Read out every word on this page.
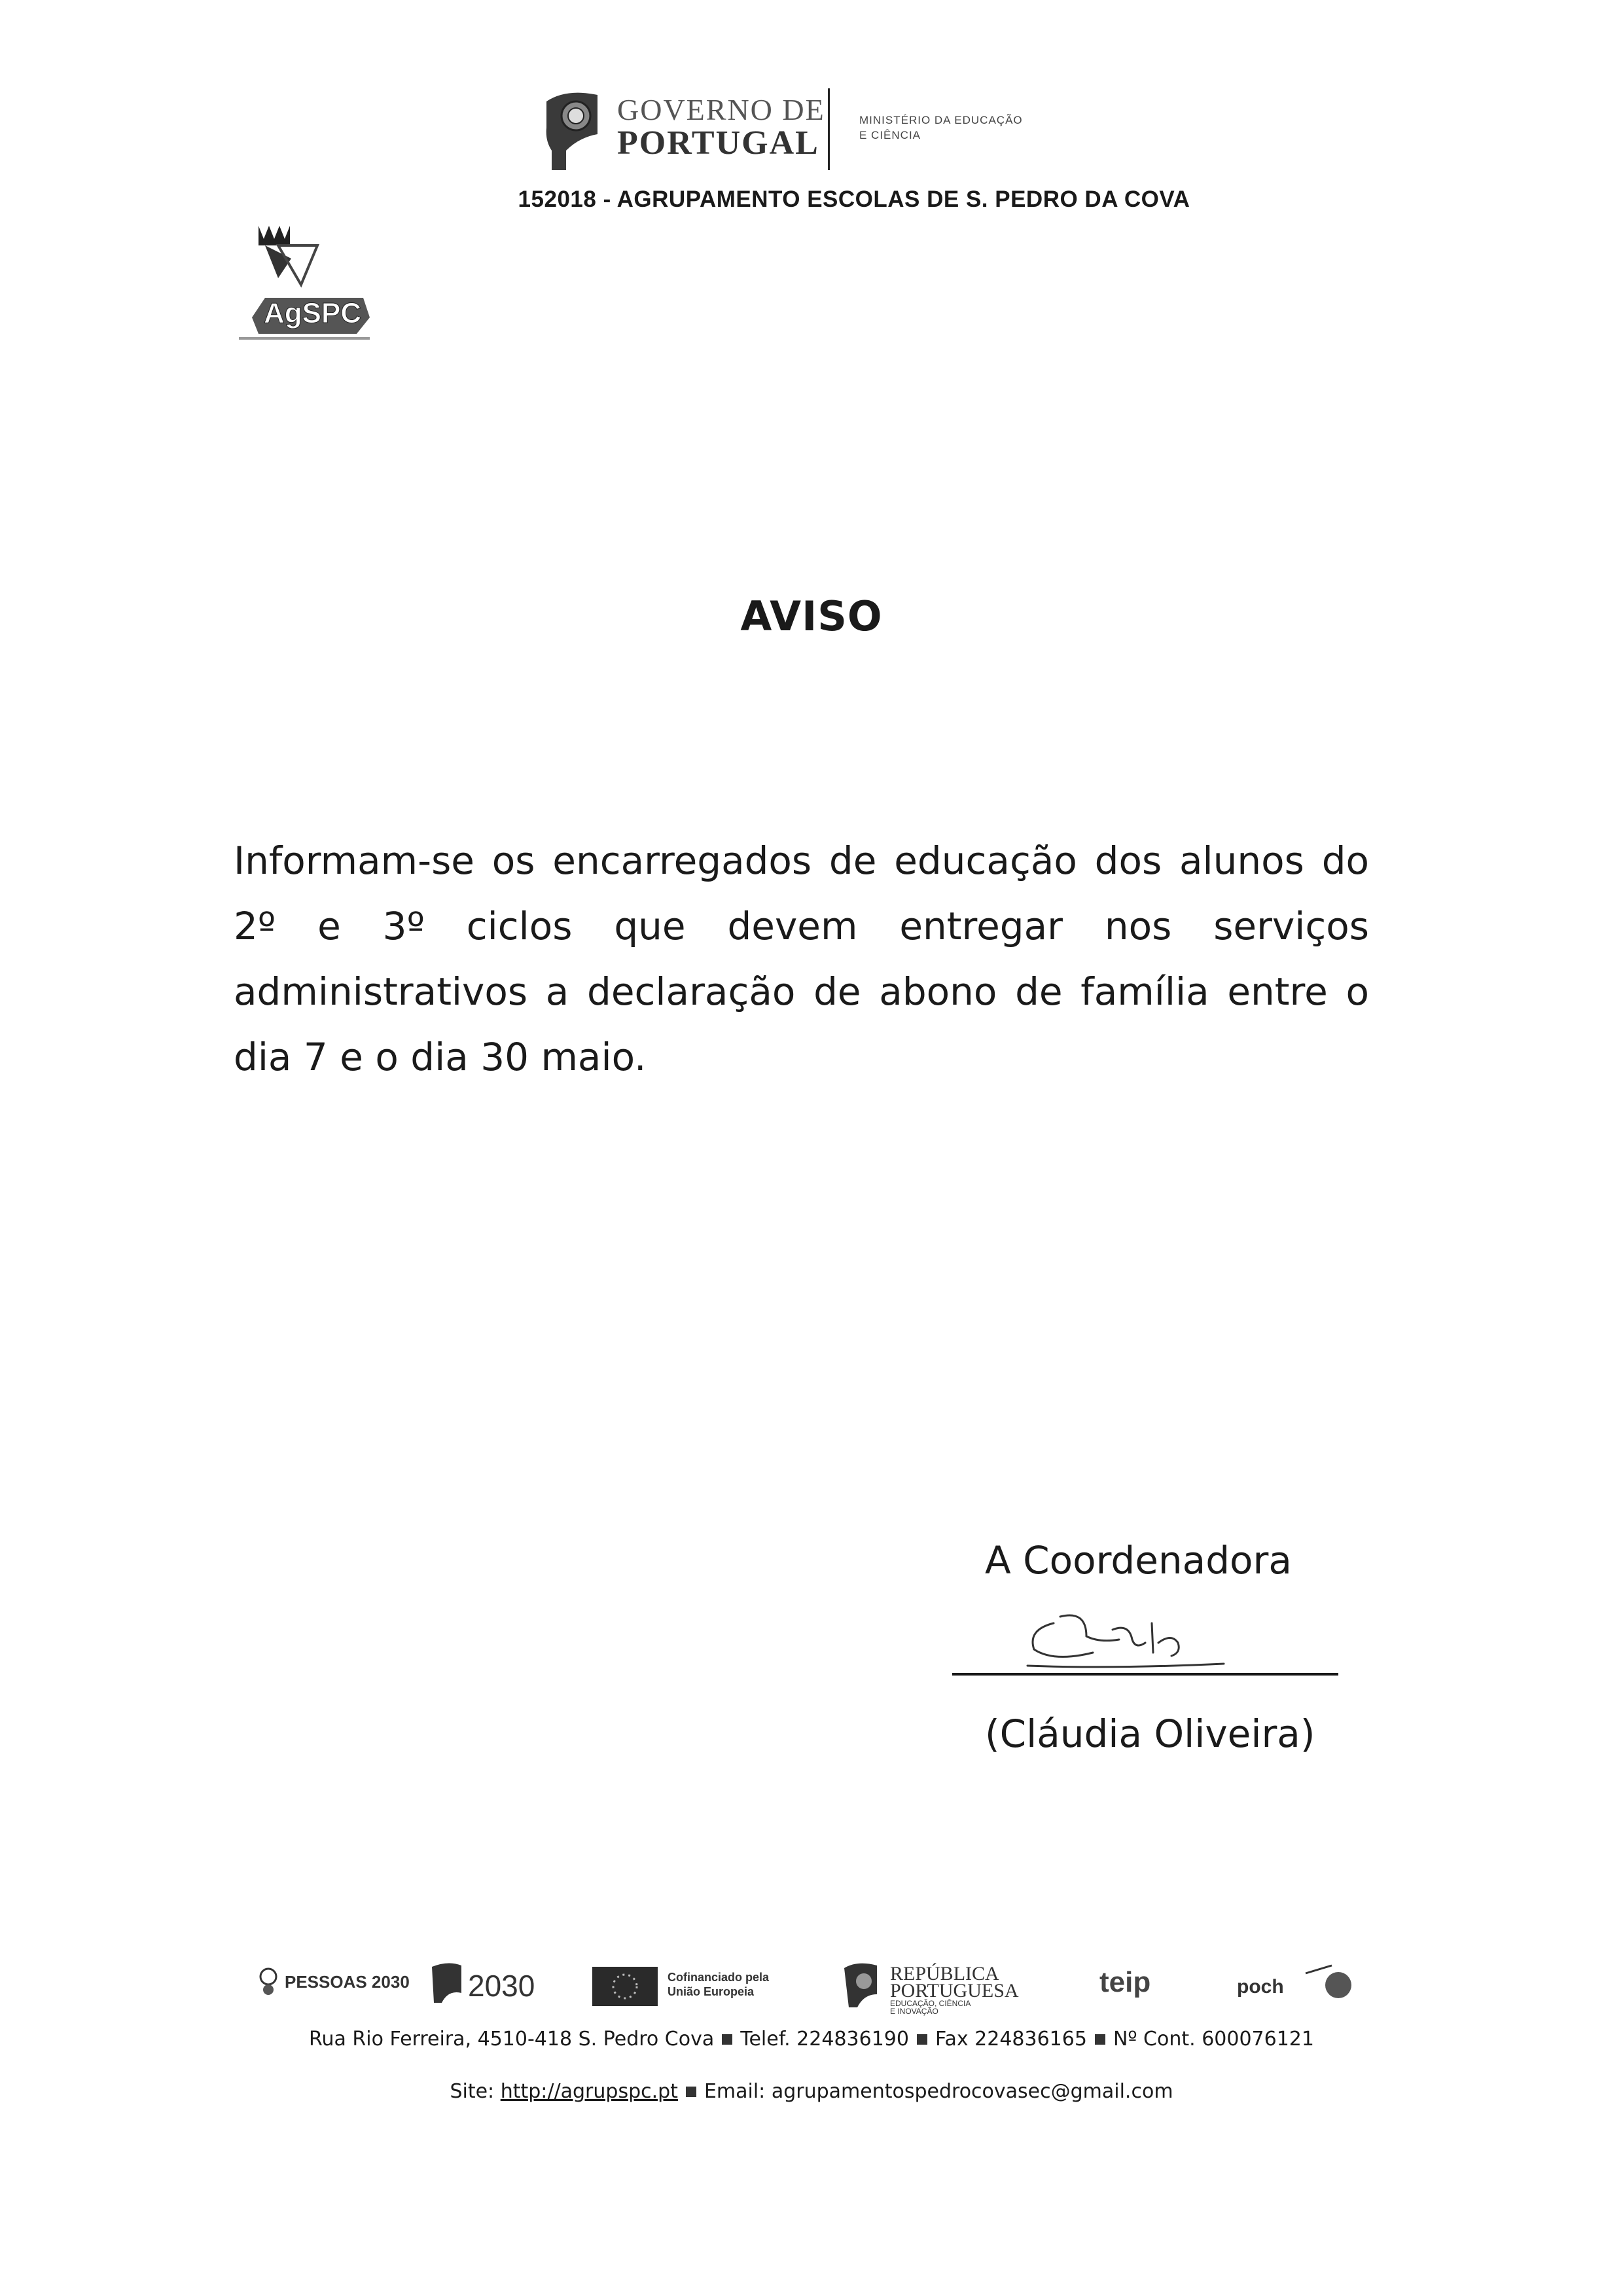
GOVERNO DE
PORTUGAL
MINISTÉRIO DA EDUCAÇÃO
E CIÊNCIA
152018 - AGRUPAMENTO ESCOLAS DE S. PEDRO DA COVA
AgSPC
AVISO
Informam-se os encarregados de educação dos alunos do 2º e 3º ciclos que devem entregar nos serviços administrativos a declaração de abono de família entre o dia 7 e o dia 30 maio.
A Coordenadora
(Cláudia Oliveira)
PESSOAS 2030 2030	Cofinanciado pela
União Europeia
REPÚBLICA
PORTUGUESA
EDUCAÇÃO, CIÊNCIA
E INOVAÇÃO
teip	poch
Rua Rio Ferreira, 4510-418 S. Pedro Cova Telef. 224836190 Fax 224836165 Nº Cont. 600076121
Site: http://agrupspc.pt Email: agrupamentospedrocovasec@gmail.com
